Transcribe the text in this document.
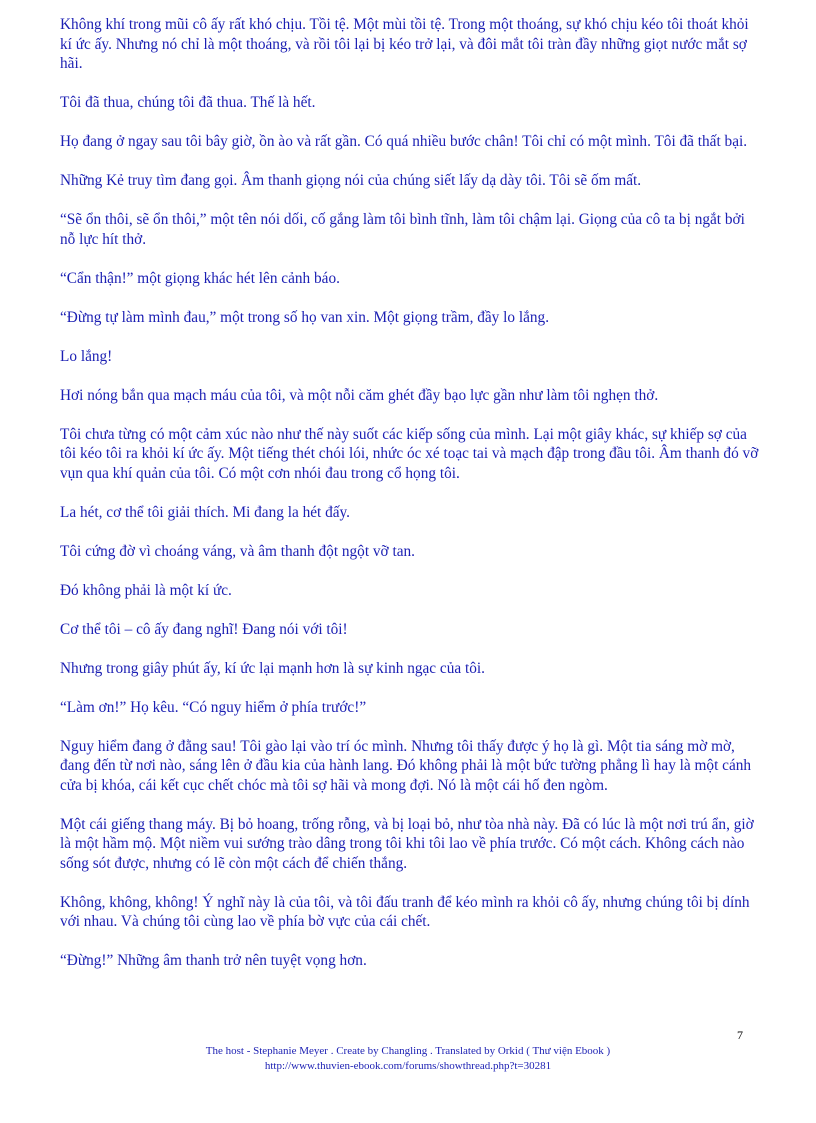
Không khí trong mũi cô ấy rất khó chịu. Tồi tệ. Một mùi tồi tệ. Trong một thoáng, sự khó chịu kéo tôi thoát khỏi kí ức ấy. Nhưng nó chỉ là một thoáng, và rồi tôi lại bị kéo trở lại, và đôi mắt tôi tràn đầy những giọt nước mắt sợ hãi.

Tôi đã thua, chúng tôi đã thua. Thế là hết.

Họ đang ở ngay sau tôi bây giờ, ồn ào và rất gần. Có quá nhiều bước chân! Tôi chỉ có một mình. Tôi đã thất bại.

Những Kẻ truy tìm đang gọi. Âm thanh giọng nói của chúng siết lấy dạ dày tôi. Tôi sẽ ốm mất.

“Sẽ ổn thôi, sẽ ổn thôi,” một tên nói dối, cố gắng làm tôi bình tĩnh, làm tôi chậm lại. Giọng của cô ta bị ngắt bởi nỗ lực hít thở.

“Cẩn thận!” một giọng khác hét lên cảnh báo.

“Đừng tự làm mình đau,” một trong số họ van xin. Một giọng trầm, đầy lo lắng.

Lo lắng!

Hơi nóng bắn qua mạch máu của tôi, và một nỗi căm ghét đầy bạo lực gần như làm tôi nghẹn thở.

Tôi chưa từng có một cảm xúc nào như thế này suốt các kiếp sống của mình. Lại một giây khác, sự khiếp sợ của tôi kéo tôi ra khỏi kí ức ấy. Một tiếng thét chói lói, nhức óc xé toạc tai và mạch đập trong đầu tôi. Âm thanh đó vỡ vụn qua khí quản của tôi. Có một cơn nhói đau trong cổ họng tôi.

La hét, cơ thể tôi giải thích. Mi đang la hét đấy.

Tôi cứng đờ vì choáng váng, và âm thanh đột ngột vỡ tan.

Đó không phải là một kí ức.

Cơ thể tôi – cô ấy đang nghĩ! Đang nói với tôi!

Nhưng trong giây phút ấy, kí ức lại mạnh hơn là sự kinh ngạc của tôi.

“Làm ơn!” Họ kêu. “Có nguy hiểm ở phía trước!”

Nguy hiểm đang ở đằng sau! Tôi gào lại vào trí óc mình. Nhưng tôi thấy được ý họ là gì. Một tia sáng mờ mờ, đang đến từ nơi nào, sáng lên ở đầu kia của hành lang. Đó không phải là một bức tường phẳng lì hay là một cánh cửa bị khóa, cái kết cục chết chóc mà tôi sợ hãi và mong đợi. Nó là một cái hố đen ngòm.

Một cái giếng thang máy. Bị bỏ hoang, trống rỗng, và bị loại bỏ, như tòa nhà này. Đã có lúc là một nơi trú ẩn, giờ là một hầm mộ. Một niềm vui sướng trào dâng trong tôi khi tôi lao về phía trước. Có một cách. Không cách nào sống sót được, nhưng có lẽ còn một cách để chiến thắng.

Không, không, không! Ý nghĩ này là của tôi, và tôi đấu tranh để kéo mình ra khỏi cô ấy, nhưng chúng tôi bị dính với nhau. Và chúng tôi cùng lao về phía bờ vực của cái chết.

“Đừng!” Những âm thanh trở nên tuyệt vọng hơn.

7
The host - Stephanie Meyer . Create by Changling . Translated by Orkid ( Thư viện Ebook )
http://www.thuvien-ebook.com/forums/showthread.php?t=30281
